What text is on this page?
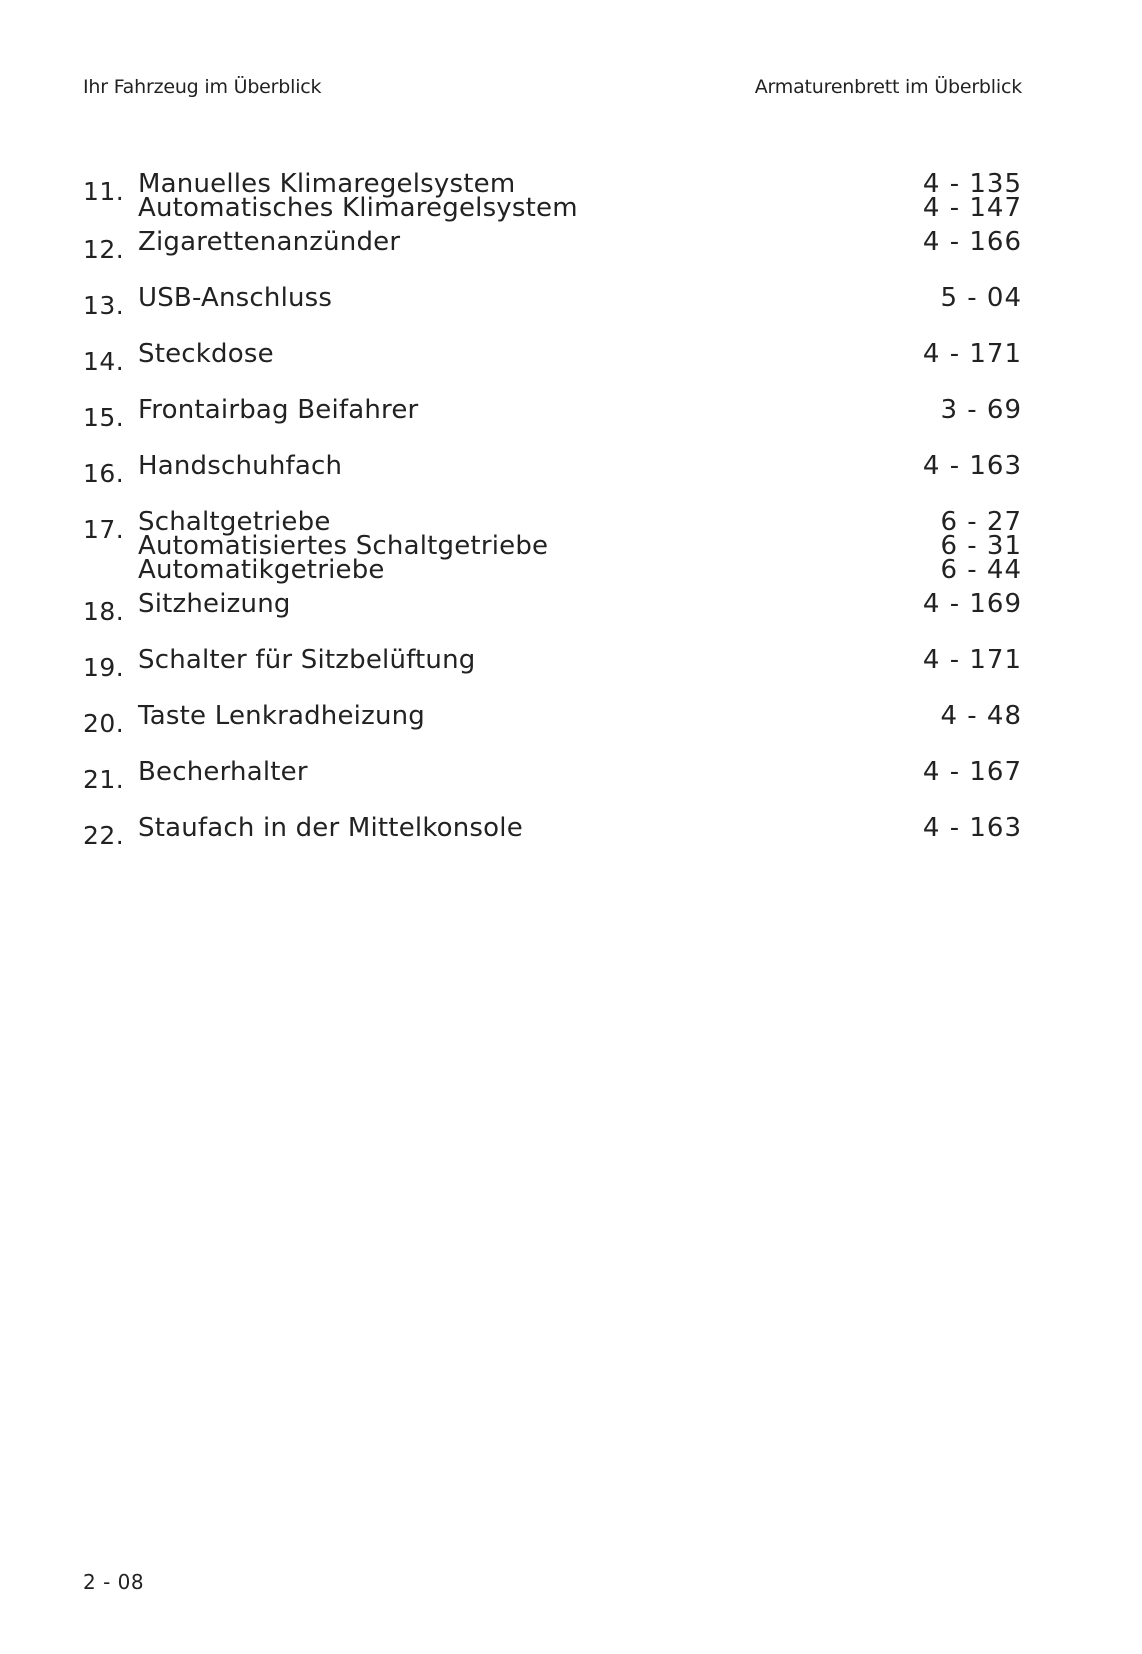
Ihr Fahrzeug im Überblick	Armaturenbrett im Überblick
11. Manuelles Klimaregelsystem	4 - 135
Automatisches Klimaregelsystem	4 - 147
12. Zigarettenanzünder	4 - 166
13. USB-Anschluss	5 - 04
14. Steckdose	4 - 171
15. Frontairbag Beifahrer	3 - 69
16. Handschuhfach	4 - 163
17. Schaltgetriebe	6 - 27
Automatisiertes Schaltgetriebe	6 - 31
Automatikgetriebe	6 - 44
18. Sitzheizung	4 - 169
19. Schalter für Sitzbelüftung	4 - 171
20. Taste Lenkradheizung	4 - 48
21. Becherhalter	4 - 167
22. Staufach in der Mittelkonsole	4 - 163
2 - 08
